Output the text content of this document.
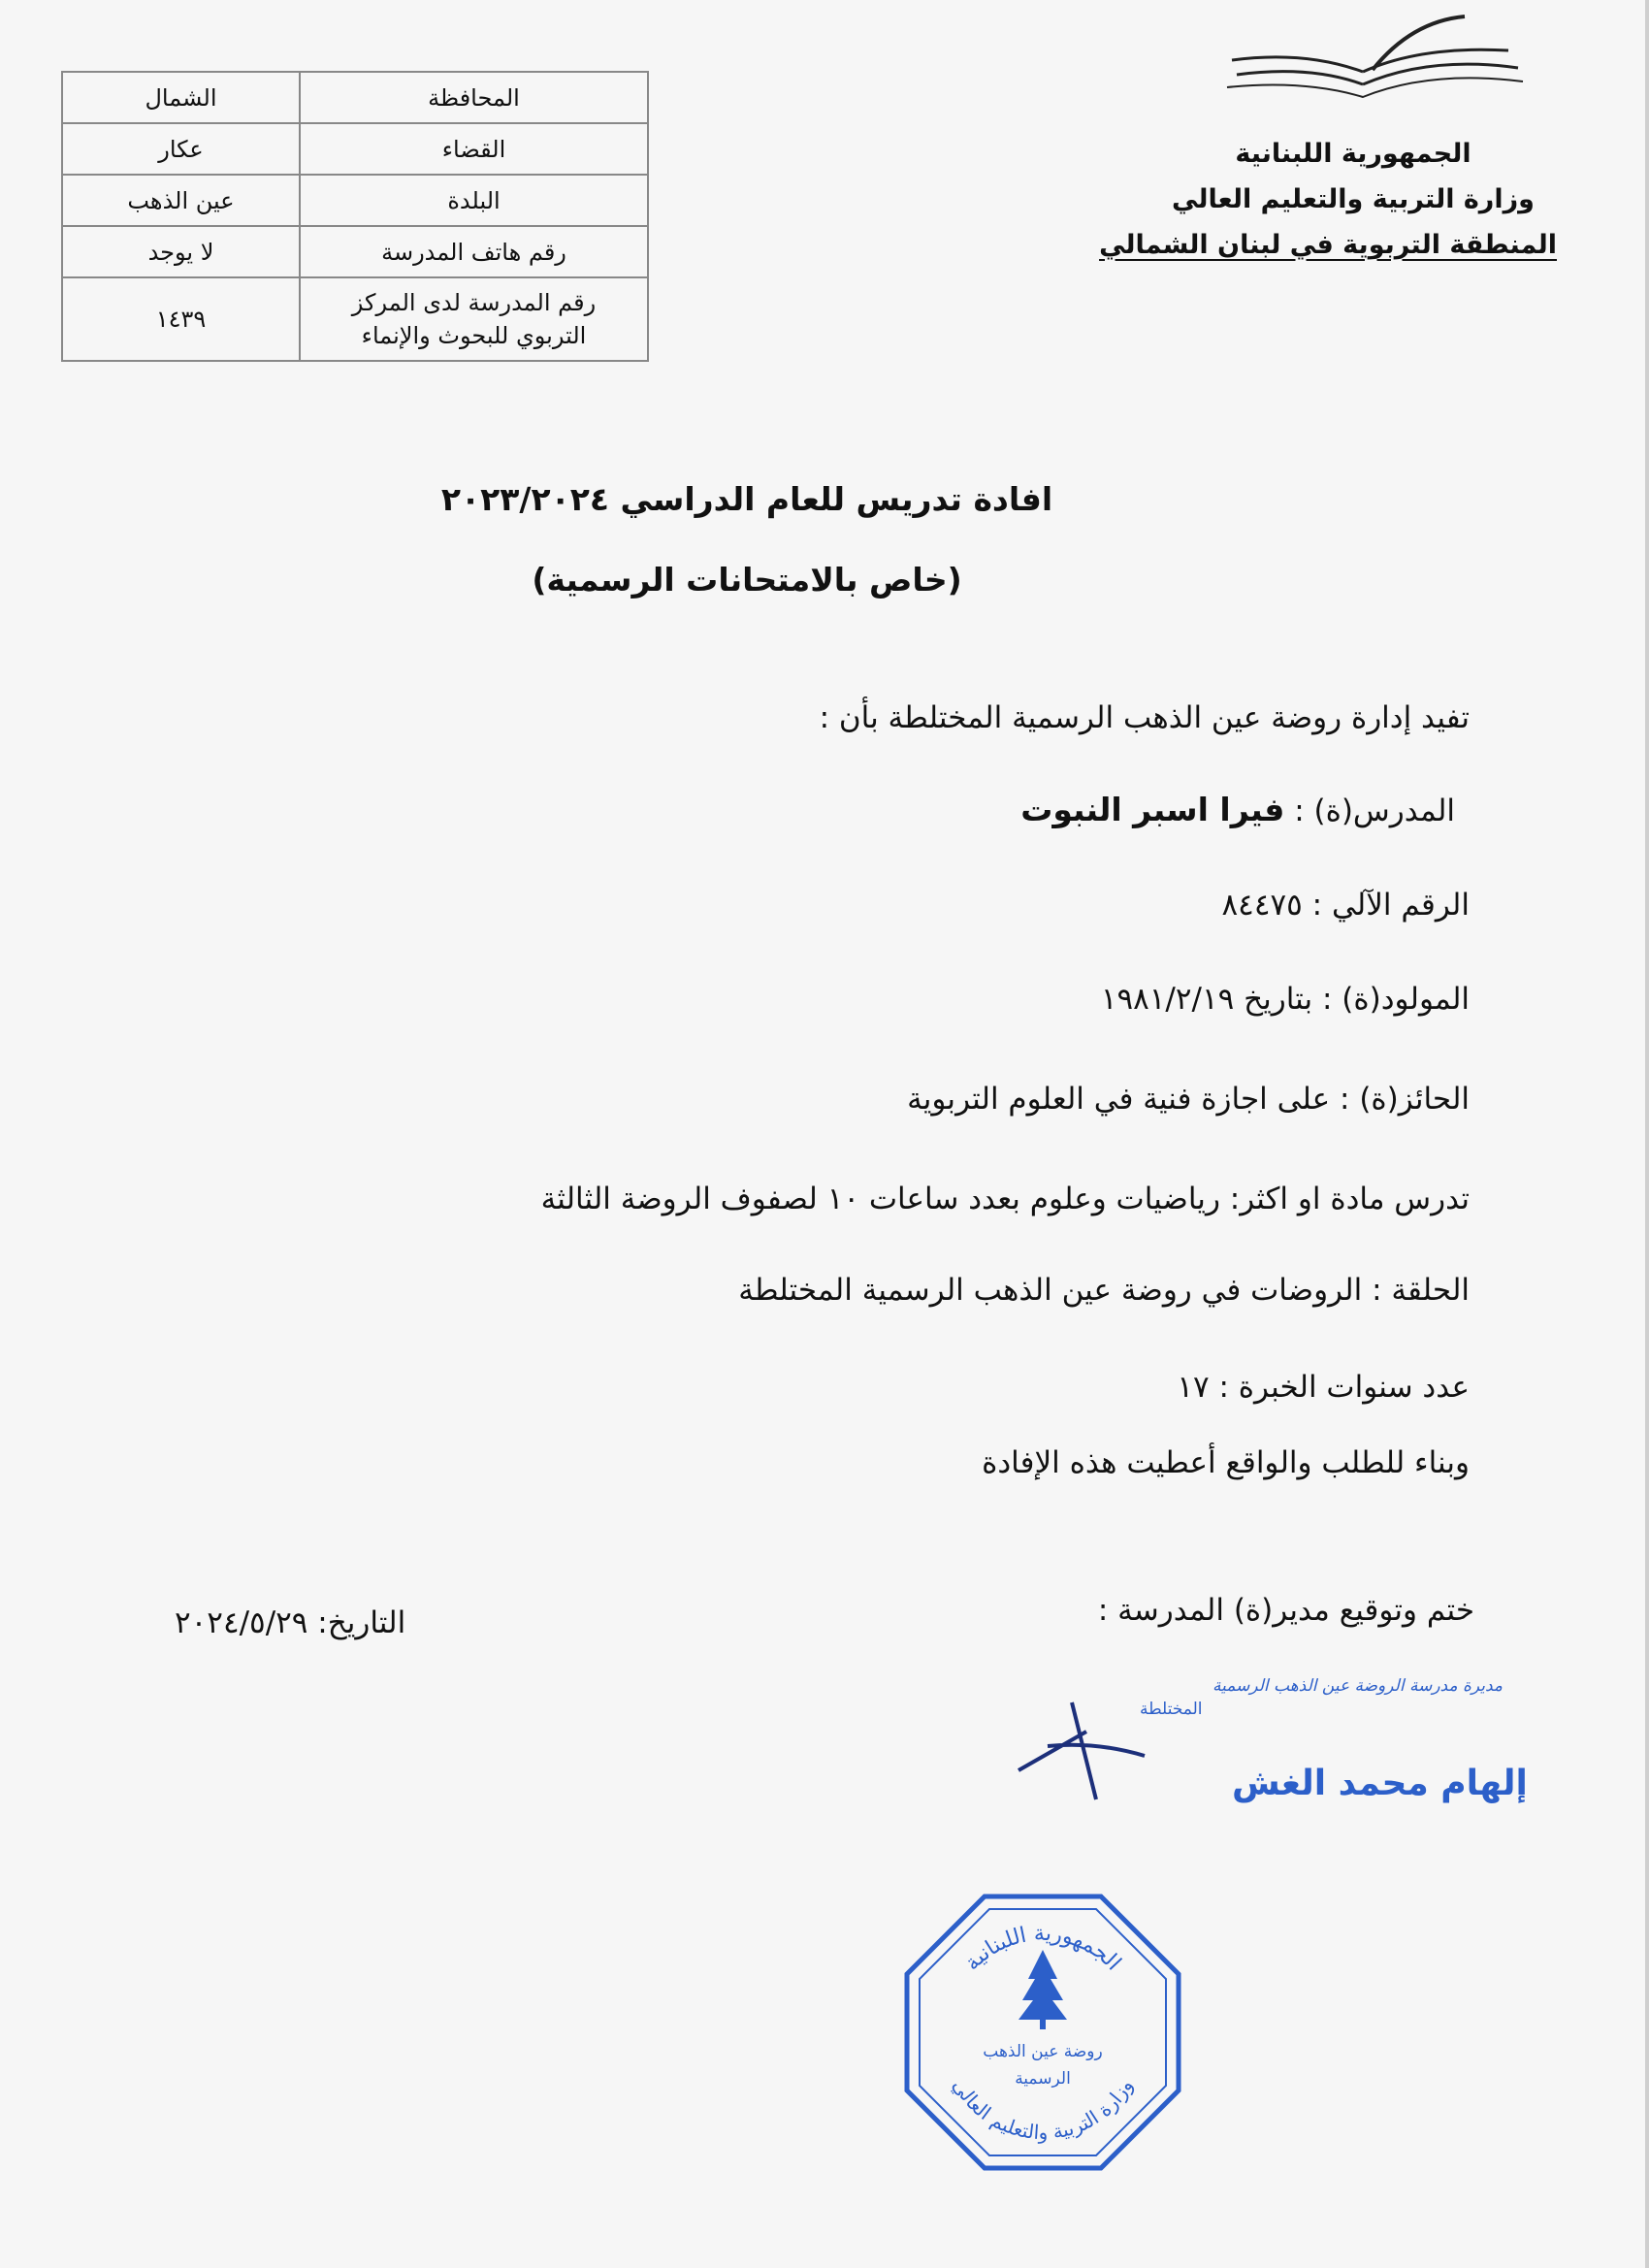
الجمهورية اللبنانية
وزارة التربية والتعليم العالي
المنطقة التربوية في لبنان الشمالي
المحافظة	الشمال
القضاء	عكار
البلدة	عين الذهب
رقم هاتف المدرسة	لا يوجد

رقم المدرسة لدى المركز
التربوي للبحوث والإنماء	١٤٣٩
افادة تدريس للعام الدراسي ٢٠٢٣/٢٠٢٤
(خاص بالامتحانات الرسمية)
تفيد إدارة روضة عين الذهب الرسمية المختلطة بأن :
المدرس(ة) : فيرا اسبر النبوت
الرقم الآلي : ٨٤٤٧٥
المولود(ة) : بتاريخ ١٩٨١/٢/١٩
الحائز(ة) : على اجازة فنية في العلوم التربوية
تدرس مادة او اكثر: رياضيات وعلوم بعدد ساعات ١٠ لصفوف الروضة الثالثة
الحلقة : الروضات في روضة عين الذهب الرسمية المختلطة
عدد سنوات الخبرة : ١٧
وبناء للطلب والواقع أعطيت هذه الإفادة
ختم وتوقيع مدير(ة) المدرسة :
التاريخ: ٢٠٢٤/٥/٢٩
مديرة مدرسة الروضة عين الذهب الرسمية
المختلطة
إلهام محمد الغش
الجمهورية اللبنانية
وزارة التربية والتعليم العالي
روضة عين الذهب
الرسمية
